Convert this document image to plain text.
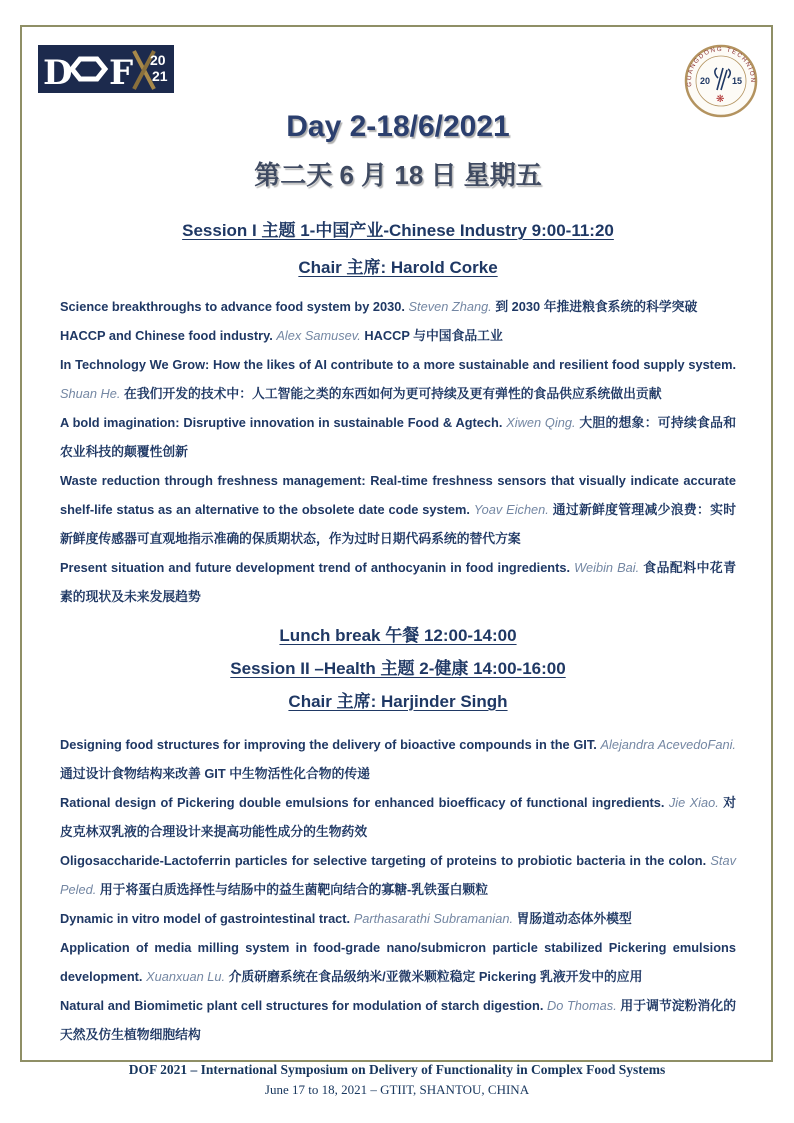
D F 20
21	GUANGDONG TECHNION
20 15
❋
Day 2-18/6/2021
第二天 6 月 18 日 星期五
Session I 主题 1-中国产业-Chinese Industry 9:00-11:20
Chair 主席: Harold Corke

Science breakthroughs to advance food system by 2030. Steven Zhang. 到 2030 年推进粮食系统的科学突破

HACCP and Chinese food industry. Alex Samusev. HACCP 与中国食品工业

In Technology We Grow: How the likes of AI contribute to a more sustainable and resilient food supply system. Shuan He. 在我们开发的技术中：人工智能之类的东西如何为更可持续及更有弹性的食品供应系统做出贡献

A bold imagination: Disruptive innovation in sustainable Food & Agtech. Xiwen Qing. 大胆的想象：可持续食品和农业科技的颠覆性创新

Waste reduction through freshness management: Real-time freshness sensors that visually indicate accurate shelf-life status as an alternative to the obsolete date code system. Yoav Eichen. 通过新鲜度管理减少浪费：实时新鲜度传感器可直观地指示准确的保质期状态，作为过时日期代码系统的替代方案

Present situation and future development trend of anthocyanin in food ingredients. Weibin Bai. 食品配料中花青素的现状及未来发展趋势

Lunch break 午餐 12:00-14:00
Session II –Health 主题 2-健康 14:00-16:00
Chair 主席: Harjinder Singh

Designing food structures for improving the delivery of bioactive compounds in the GIT. Alejandra AcevedoFani. 通过设计食物结构来改善 GIT 中生物活性化合物的传递

Rational design of Pickering double emulsions for enhanced bioefficacy of functional ingredients. Jie Xiao. 对皮克林双乳液的合理设计来提高功能性成分的生物药效

Oligosaccharide-Lactoferrin particles for selective targeting of proteins to probiotic bacteria in the colon. Stav Peled. 用于将蛋白质选择性与结肠中的益生菌靶向结合的寡糖-乳铁蛋白颗粒

Dynamic in vitro model of gastrointestinal tract. Parthasarathi Subramanian. 胃肠道动态体外模型

Application of media milling system in food-grade nano/submicron particle stabilized Pickering emulsions development. Xuanxuan Lu. 介质研磨系统在食品级纳米/亚微米颗粒稳定 Pickering 乳液开发中的应用

Natural and Biomimetic plant cell structures for modulation of starch digestion. Do Thomas. 用于调节淀粉消化的天然及仿生植物细胞结构

DOF 2021 – International Symposium on Delivery of Functionality in Complex Food Systems

June 17 to 18, 2021 – GTIIT, SHANTOU, CHINA
